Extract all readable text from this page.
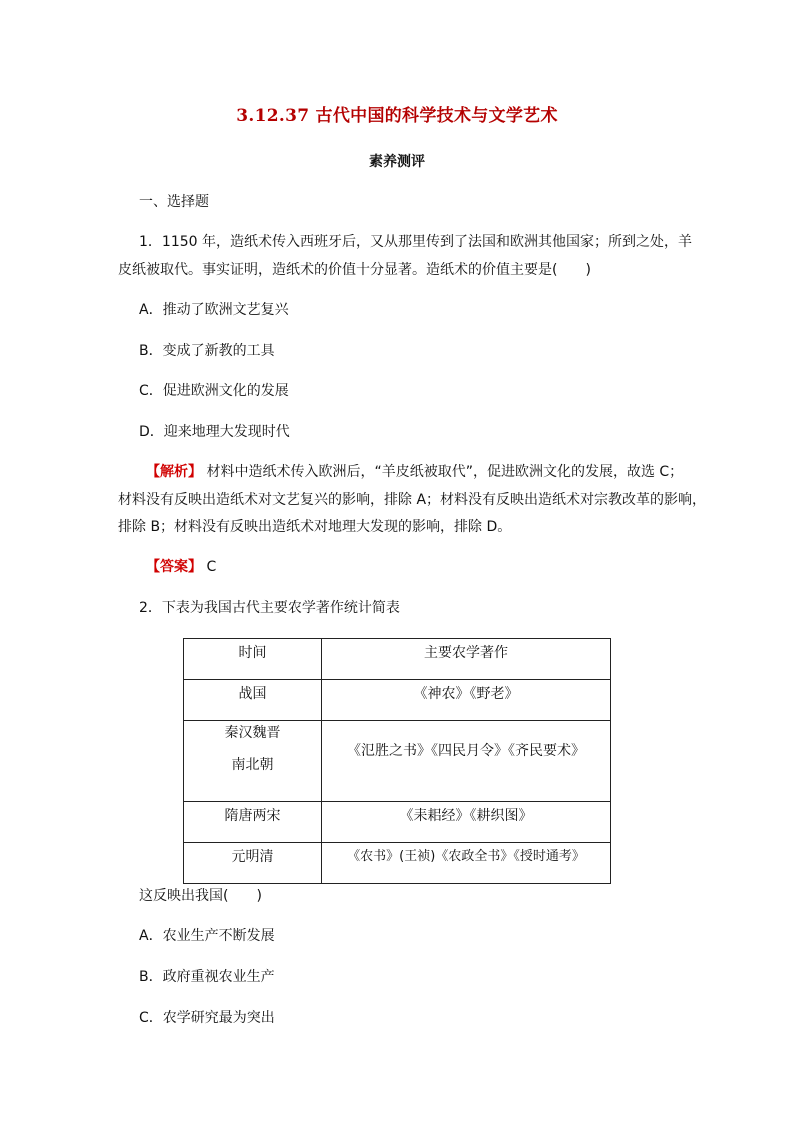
3.12.37 古代中国的科学技术与文学艺术
素养测评
一、选择题
1．1150 年，造纸术传入西班牙后，又从那里传到了法国和欧洲其他国家；所到之处，羊
皮纸被取代。事实证明，造纸术的价值十分显著。造纸术的价值主要是(　　)
A．推动了欧洲文艺复兴
B．变成了新教的工具
C．促进欧洲文化的发展
D．迎来地理大发现时代
【解析】 材料中造纸术传入欧洲后，“羊皮纸被取代”，促进欧洲文化的发展，故选 C；
材料没有反映出造纸术对文艺复兴的影响，排除 A；材料没有反映出造纸术对宗教改革的影响，
排除 B；材料没有反映出造纸术对地理大发现的影响，排除 D。
【答案】 C
2．下表为我国古代主要农学著作统计简表
时间	主要农学著作

战国	《神农》《野老》

秦汉魏晋
南北朝	《氾胜之书》《四民月令》《齐民要术》

隋唐两宋	《耒耜经》《耕织图》

元明清	《农书》(王祯)《农政全书》《授时通考》
这反映出我国(　　)
A．农业生产不断发展
B．政府重视农业生产
C．农学研究最为突出
